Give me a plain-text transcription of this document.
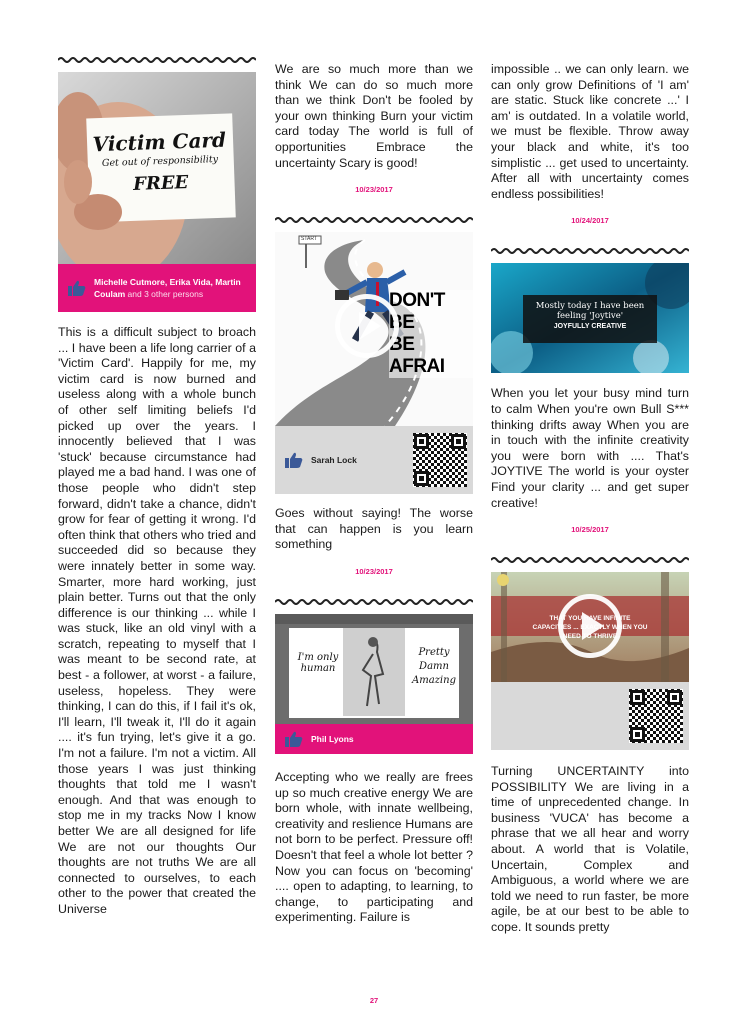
Victim Card
Get out of responsibility
FREE
Michelle Cutmore, Erika Vida, Martin Coulam and 3 other persons

This is a difficult subject to broach ... I have been a life long carrier of a 'Victim Card'. Happily for me, my victim card is now burned and useless along with a whole bunch of other self limiting beliefs I'd picked up over the years. I innocently believed that I was 'stuck' because circumstance had played me a bad hand. I was one of those people who didn't step forward, didn't take a chance, didn't grow for fear of getting it wrong. I'd often think that others who tried and succeeded did so because they were innately better in some way. Smarter, more hard working, just plain better. Turns out that the only difference is our thinking ... while I was stuck, like an old vinyl with a scratch, repeating to myself that I was meant to be second rate, at best - a follower, at worst - a failure, useless, hopeless. They were thinking, I can do this, if I fail it's ok, I'll learn, I'll tweak it, I'll do it again .... it's fun trying, let's give it a go. I'm not a failure. I'm not a victim. All those years I was just thinking thoughts that told me I wasn't enough. And that was enough to stop me in my tracks Now I know better We are all designed for life We are not our thoughts Our thoughts are not truths We are all connected to ourselves, to each other to the power that created the Universe

We are so much more than we think We can do so much more than we think Don't be fooled by your own thinking Burn your victim card today The world is full of opportunities Embrace the uncertainty Scary is good!

10/23/2017
DON'T BE
BE AFRAI
START
Sarah Lock

Goes without saying! The worse that can happen is you learn something

10/23/2017
I'm only human
Pretty Damn Amazing
Phil Lyons

Accepting who we really are frees up so much creative energy We are born whole, with innate wellbeing, creativity and reslience Humans are not born to be perfect. Pressure off! Doesn't that feel a whole lot better ? Now you can focus on 'becoming' .... open to adapting, to learning, to change, to participating and experimenting. Failure is

impossible .. we can only learn. we can only grow Definitions of 'I am' are static. Stuck like concrete ...' I am' is outdated. In a volatile world, we must be flexible. Throw away your black and white, it's too simplistic ... get used to uncertainty. After all with uncertainty comes endless possibilities!

10/24/2017
Mostly today I have been
feeling 'Joytive'
JOYFULLY CREATIVE

When you let your busy mind turn to calm When you're own Bull S*** thinking drifts away When you are in touch with the infinite creativity you were born with .... That's JOYTIVE The world is your oyster Find your clarity ... and get super creative!

10/25/2017
THAT YOU HAVE INFINITE CAPACITIES ... EXACTLY WHEN YOU NEED TO THRIVE

Turning UNCERTAINTY into POSSIBILITY We are living in a time of unprecedented change. In business 'VUCA' has become a phrase that we all hear and worry about. A world that is Volatile, Uncertain, Complex and Ambiguous, a world where we are told we need to run faster, be more agile, be at our best to be able to cope. It sounds pretty

27
